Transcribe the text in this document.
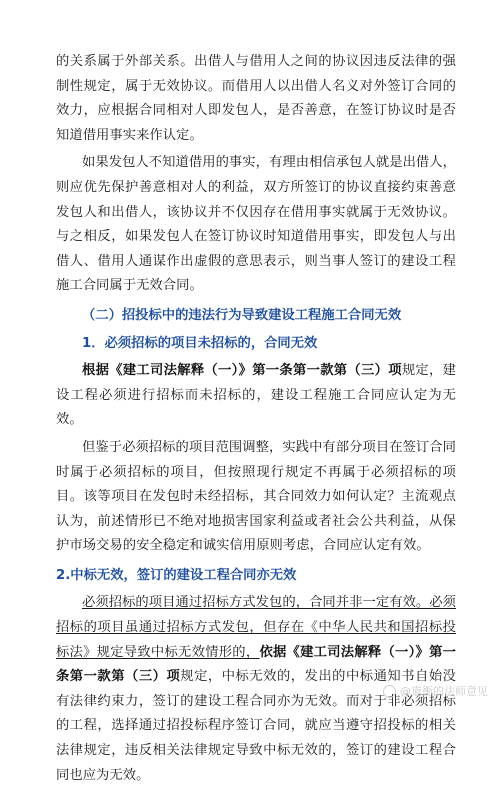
的关系属于外部关系。出借人与借用人之间的协议因违反法律的强制性规定，属于无效协议。而借用人以出借人名义对外签订合同的效力，应根据合同相对人即发包人，是否善意，在签订协议时是否知道借用事实来作认定。

如果发包人不知道借用的事实，有理由相信承包人就是出借人，则应优先保护善意相对人的利益，双方所签订的协议直接约束善意发包人和出借人，该协议并不仅因存在借用事实就属于无效协议。与之相反，如果发包人在签订协议时知道借用事实，即发包人与出借人、借用人通谋作出虚假的意思表示，则当事人签订的建设工程施工合同属于无效合同。

（二）招投标中的违法行为导致建设工程施工合同无效
1．必须招标的项目未招标的，合同无效

根据《建工司法解释（一）》第一条第一款第（三）项规定，建设工程必须进行招标而未招标的，建设工程施工合同应认定为无效。

但鉴于必须招标的项目范围调整，实践中有部分项目在签订合同时属于必须招标的项目，但按照现行规定不再属于必须招标的项目。该等项目在发包时未经招标，其合同效力如何认定？主流观点认为，前述情形已不绝对地损害国家利益或者社会公共利益，从保护市场交易的安全稳定和诚实信用原则考虑，合同应认定有效。

2.中标无效，签订的建设工程合同亦无效

必须招标的项目通过招标方式发包的，合同并非一定有效。必须招标的项目虽通过招标方式发包，但存在《中华人民共和国招标投标法》规定导致中标无效情形的，依据《建工司法解释（一）》第一条第一款第（三）项规定，中标无效的，发出的中标通知书自始没有法律约束力，签订的建设工程合同亦为无效。而对于非必须招标的工程，选择通过招投标程序签订合同，就应当遵守招投标的相关法律规定，违反相关法律规定导致中标无效的，签订的建设工程合同也应为无效。

@道衡的法师意见
